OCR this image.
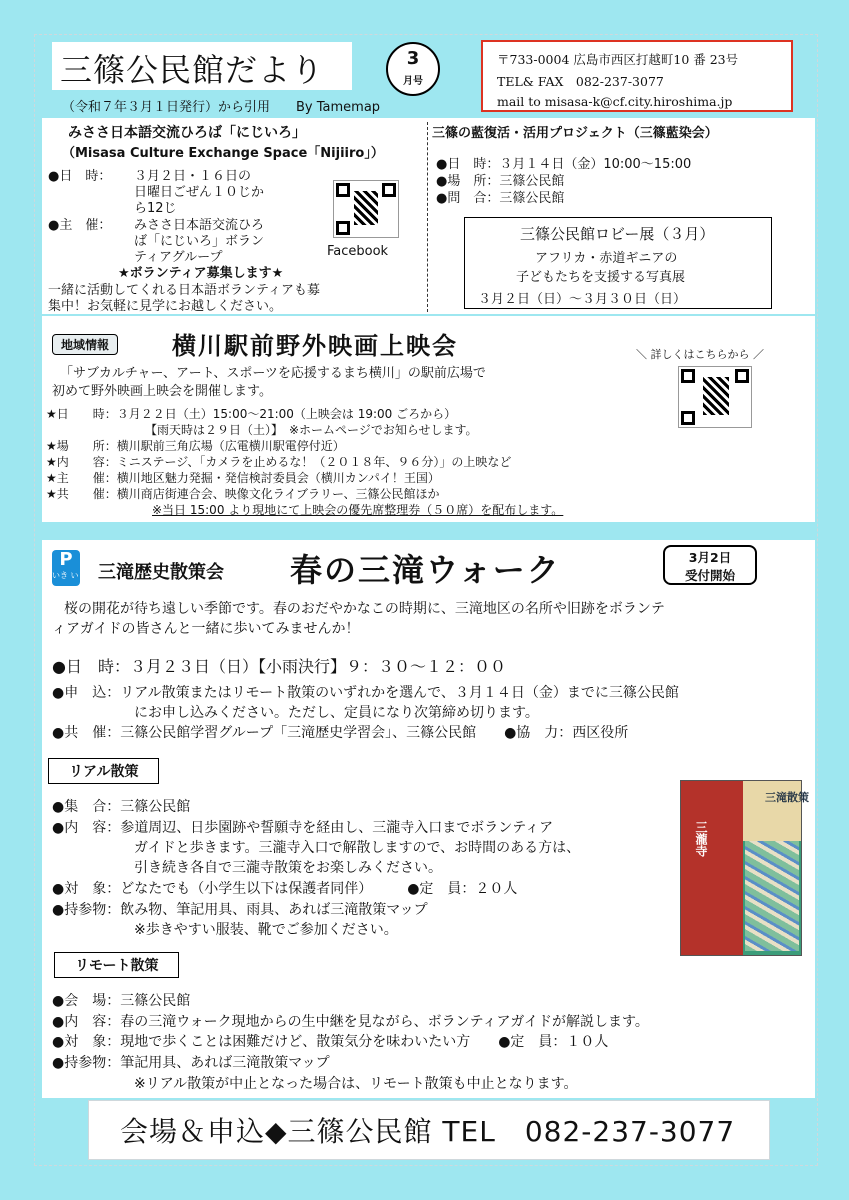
三篠公民館だより
（令和７年３月１日発行）から引用　　By Tamemap
3
月号
〒733-0004 広島市西区打越町10 番 23号
TEL& FAX　082-237-3077
mail to misasa-k@cf.city.hiroshima.jp
みささ日本語交流ひろば「にじいろ」
（Misasa Culture Exchange Space「Nijiiro」）
●日　時： ３月２日・１６日の
日曜日ごぜん１０じか
ら12じ
●主　催： みささ日本語交流ひろ
ば「にじいろ」ボラン
ティアグループ	Facebook
★ボランティア募集します★
一緒に活動してくれる日本語ボランティアも募
集中！お気軽に見学にお越しください。
三篠の藍復活・活用プロジェクト（三篠藍染会）
●日　時：３月１４日（金）10:00～15:00
●場　所：三篠公民館
●問　合：三篠公民館
三篠公民館ロビー展（３月）
アフリカ・赤道ギニアの
子どもたちを支援する写真展
３月２日（日）～３月３０日（日）
地域情報	横川駅前野外映画上映会	＼ 詳しくはこちらから ／
「サブカルチャー、アート、スポーツを応援するまち横川」の駅前広場で
初めて野外映画上映会を開催します。
★日　　時：３月２２日（土）15:00～21:00（上映会は 19:00 ごろから）
【雨天時は２９日（土）】　※ホームページでお知らせします。
★場　　所：横川駅前三角広場（広電横川駅電停付近）
★内　　容：ミニステージ、「カメラを止めるな！（２０１８年、９６分）」の上映など
★主　　催：横川地区魅力発掘・発信検討委員会（横川カンパイ！王国）
★共　　催：横川商店街連合会、映像文化ライブラリー、三篠公民館ほか
※当日 15:00 より現地にて上映会の優先席整理券（５０席）を配布します。
P
いき いき 三滝歴史散策会 春の三滝ウォーク	3月2日
受付開始
桜の開花が待ち遠しい季節です。春のおだやかなこの時期に、三滝地区の名所や旧跡をボランテ
ィアガイドの皆さんと一緒に歩いてみませんか！
●日　時：３月２３日（日）【小雨決行】９：３０～１２：００
●申　込：リアル散策またはリモート散策のいずれかを選んで、３月１４日（金）までに三篠公民館
にお申し込みください。ただし、定員になり次第締め切ります。
●共　催：三篠公民館学習グループ「三滝歴史学習会」、三篠公民館　　●協　力：西区役所
リアル散策
●集　合：三篠公民館
●内　容：参道周辺、日歩園跡や誓願寺を経由し、三瀧寺入口までボランティア
ガイドと歩きます。三瀧寺入口で解散しますので、お時間のある方は、
引き続き各自で三瀧寺散策をお楽しみください。
●対　象：どなたでも（小学生以下は保護者同伴）　　　●定　員：２０人
●持参物：飲み物、筆記用具、雨具、あれば三滝散策マップ
※歩きやすい服装、靴でご参加ください。
三瀧寺
三滝散策
リモート散策
●会　場：三篠公民館
●内　容：春の三滝ウォーク現地からの生中継を見ながら、ボランティアガイドが解説します。
●対　象：現地で歩くことは困難だけど、散策気分を味わいたい方　　●定　員：１０人
●持参物：筆記用具、あれば三滝散策マップ
※リアル散策が中止となった場合は、リモート散策も中止となります。
会場＆申込◆三篠公民館 TEL　082-237-3077
